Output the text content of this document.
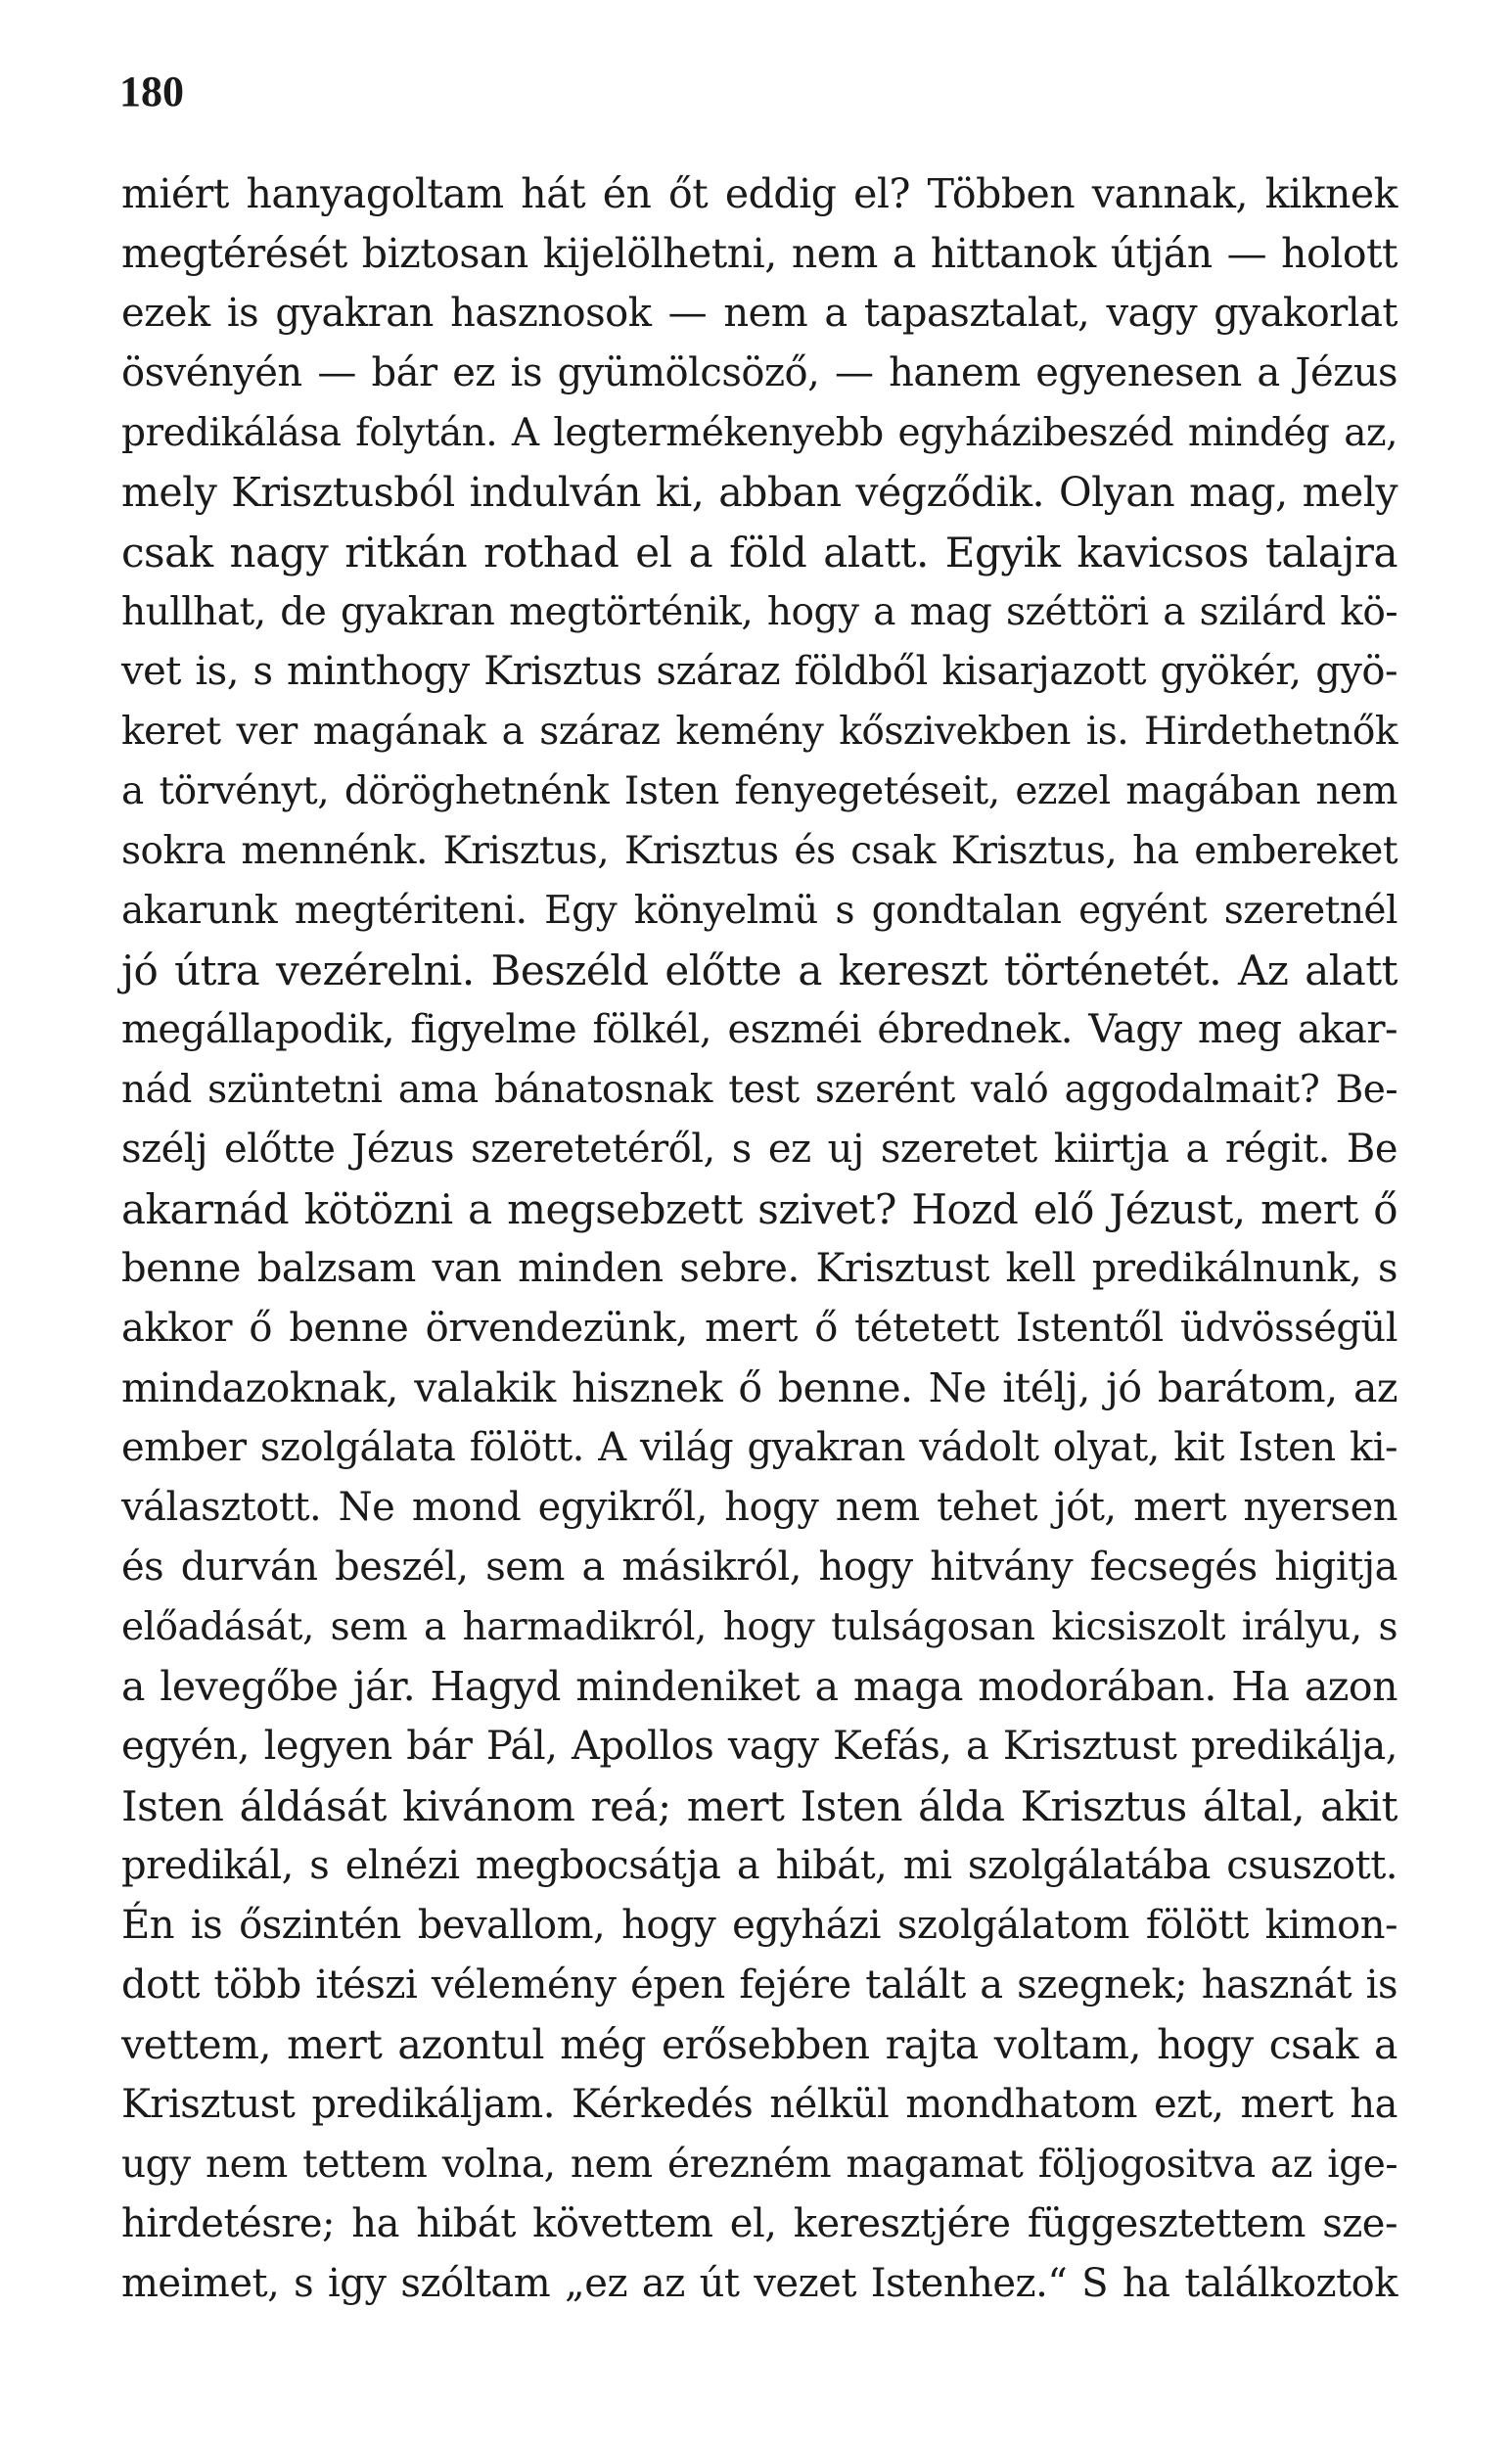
180
miért hanyagoltam hát én őt eddig el? Többen vannak, kiknek
megtérését biztosan kijelölhetni, nem a hittanok útján — holott
ezek is gyakran hasznosok — nem a tapasztalat, vagy gyakorlat
ösvényén — bár ez is gyümölcsöző, — hanem egyenesen a Jézus
predikálása folytán. A legtermékenyebb egyházibeszéd mindég az,
mely Krisztusból indulván ki, abban végződik. Olyan mag, mely
csak nagy ritkán rothad el a föld alatt. Egyik kavicsos talajra
hullhat, de gyakran megtörténik, hogy a mag széttöri a szilárd kö-
vet is, s minthogy Krisztus száraz földből kisarjazott gyökér, gyö-
keret ver magának a száraz kemény kőszivekben is. Hirdethetnők
a törvényt, döröghetnénk Isten fenyegetéseit, ezzel magában nem
sokra mennénk. Krisztus, Krisztus és csak Krisztus, ha embereket
akarunk megtériteni. Egy könyelmü s gondtalan egyént szeretnél
jó útra vezérelni. Beszéld előtte a kereszt történetét. Az alatt
megállapodik, figyelme fölkél, eszméi ébrednek. Vagy meg akar-
nád szüntetni ama bánatosnak test szerént való aggodalmait? Be-
szélj előtte Jézus szeretetéről, s ez uj szeretet kiirtja a régit. Be
akarnád kötözni a megsebzett szivet? Hozd elő Jézust, mert ő
benne balzsam van minden sebre. Krisztust kell predikálnunk, s
akkor ő benne örvendezünk, mert ő tétetett Istentől üdvösségül
mindazoknak, valakik hisznek ő benne. Ne itélj, jó barátom, az
ember szolgálata fölött. A világ gyakran vádolt olyat, kit Isten ki-
választott. Ne mond egyikről, hogy nem tehet jót, mert nyersen
és durván beszél, sem a másikról, hogy hitvány fecsegés higitja
előadását, sem a harmadikról, hogy tulságosan kicsiszolt irályu, s
a levegőbe jár. Hagyd mindeniket a maga modorában. Ha azon
egyén, legyen bár Pál, Apollos vagy Kefás, a Krisztust predikálja,
Isten áldását kivánom reá; mert Isten álda Krisztus által, akit
predikál, s elnézi megbocsátja a hibát, mi szolgálatába csuszott.
Én is őszintén bevallom, hogy egyházi szolgálatom fölött kimon-
dott több itészi vélemény épen fejére talált a szegnek; hasznát is
vettem, mert azontul még erősebben rajta voltam, hogy csak a
Krisztust predikáljam. Kérkedés nélkül mondhatom ezt, mert ha
ugy nem tettem volna, nem érezném magamat följogositva az ige-
hirdetésre; ha hibát követtem el, keresztjére függesztettem sze-
meimet, s igy szóltam „ez az út vezet Istenhez.“ S ha találkoztok
